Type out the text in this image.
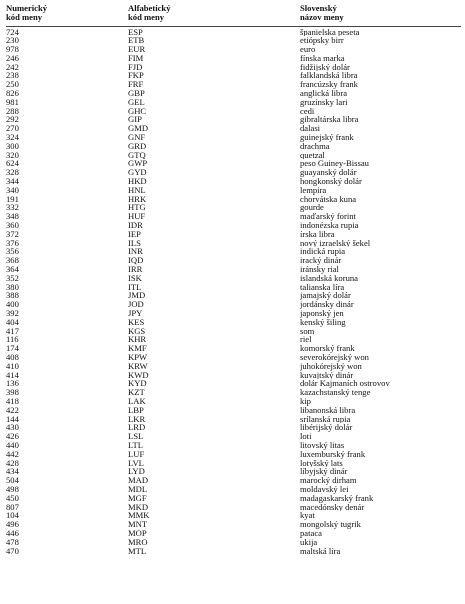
Numerický
kód meny	Alfabetický
kód meny	Slovenský
názov meny

724	ESP	španielska peseta
230	ETB	etiópsky birr
978	EUR	euro
246	FIM	fínska marka
242	FJD	fidžijský dolár
238	FKP	falklandská libra
250	FRF	francúzsky frank
826	GBP	anglická libra
981	GEL	gruzínsky lari
288	GHC	cedi
292	GIP	gibraltárska libra
270	GMD	dalasi
324	GNF	guinejský frank
300	GRD	drachma
320	GTQ	quetzal
624	GWP	peso Guiney-Bissau
328	GYD	guayanský dolár
344	HKD	hongkonský dolár
340	HNL	lempira
191	HRK	chorvátska kuna
332	HTG	gourde
348	HUF	maďarský forint
360	IDR	indonézska rupia
372	IEP	írska libra
376	ILS	nový izraelský šekel
356	INR	indická rupia
368	IQD	iracký dinár
364	IRR	iránsky rial
352	ISK	islandská koruna
380	ITL	talianska líra
388	JMD	jamajský dolár
400	JOD	jordánsky dinár
392	JPY	japonský jen
404	KES	kenský šiling
417	KGS	som
116	KHR	riel
174	KMF	komorský frank
408	KPW	severokórejský won
410	KRW	juhokórejský won
414	KWD	kuvajtský dinár
136	KYD	dolár Kajmaních ostrovov
398	KZT	kazachstanský tenge
418	LAK	kip
422	LBP	libanonská libra
144	LKR	srílanská rupia
430	LRD	libérijský dolár
426	LSL	loti
440	LTL	litovský litas
442	LUF	luxemburský frank
428	LVL	lotyšský lats
434	LYD	líbyjský dinár
504	MAD	marocký dirham
498	MDL	moldavský lei
450	MGF	madagaskarský frank
807	MKD	macedónsky denár
104	MMK	kyat
496	MNT	mongolský tugrik
446	MOP	pataca
478	MRO	ukija
470	MTL	maltská líra
